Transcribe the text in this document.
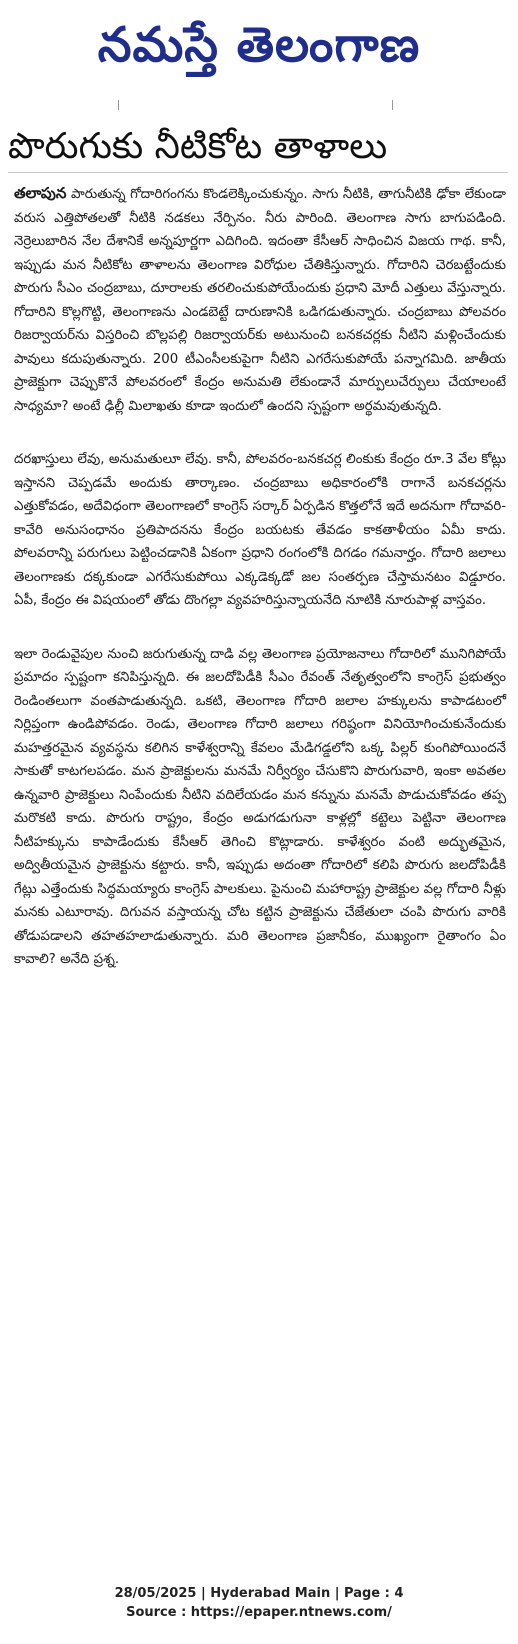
నమస్తే తెలంగాణ
పొరుగుకు నీటికోట తాళాలు

తలాపున పారుతున్న గోదారిగంగను కొండలెక్కించుకున్నం. సాగు నీటికి, తాగునీటికి ఢోకా లేకుండా వరుస ఎత్తిపోతలతో నీటికి నడకలు నేర్పినం. నీరు పారింది. తెలంగాణ సాగు బాగుపడింది. నెర్రెలుబారిన నేల దేశానికే అన్నపూర్ణగా ఎదిగింది. ఇదంతా కేసీఆర్ సాధించిన విజయ గాథ. కానీ, ఇప్పుడు మన నీటికోట తాళాలను తెలంగాణ విరోధుల చేతికిస్తున్నారు. గోదారిని చెరబట్టేందుకు పొరుగు సీఎం చంద్రబాబు, దూరాలకు తరలించుకుపోయేందుకు ప్రధాని మోదీ ఎత్తులు వేస్తున్నారు. గోదారిని కొల్లగొట్టి, తెలంగాణను ఎండబెట్టే దారుణానికి ఒడిగడుతున్నారు. చంద్రబాబు పోలవరం రిజర్వాయర్‌ను విస్తరించి బొల్లపల్లి రిజర్వాయర్‌కు అటునుంచి బనకచర్లకు నీటిని మళ్లించేందుకు పావులు కదుపుతున్నారు. 200 టీఎంసీలకుపైగా నీటిని ఎగరేసుకుపోయే పన్నాగమిది. జాతీయ ప్రాజెక్టుగా చెప్పుకొనే పోలవరంలో కేంద్రం అనుమతి లేకుండానే మార్పులుచేర్పులు చేయాలంటే సాధ్యమా? అంటే ఢిల్లీ మిలాఖతు కూడా ఇందులో ఉందని స్పష్టంగా అర్థమవుతున్నది.

దరఖాస్తులు లేవు, అనుమతులూ లేవు. కానీ, పోలవరం-బనకచర్ల లింకుకు కేంద్రం రూ.3 వేల కోట్లు ఇస్తానని చెప్పడమే అందుకు తార్కాణం. చంద్రబాబు అధికారంలోకి రాగానే బనకచర్లను ఎత్తుకోవడం, అదేవిధంగా తెలంగాణలో కాంగ్రెస్ సర్కార్ ఏర్పడిన కొత్తలోనే ఇదే అదనుగా గోదావరి-కావేరి అనుసంధానం ప్రతిపాదనను కేంద్రం బయటకు తేవడం కాకతాళీయం ఏమీ కాదు. పోలవరాన్ని పరుగులు పెట్టించడానికి ఏకంగా ప్రధాని రంగంలోకి దిగడం గమనార్హం. గోదారి జలాలు తెలంగాణకు దక్కకుండా ఎగరేసుకుపోయి ఎక్కడెక్కడో జల సంతర్పణ చేస్తామనటం విడ్డూరం. ఏపీ, కేంద్రం ఈ విషయంలో తోడు దొంగల్లా వ్యవహరిస్తున్నాయనేది నూటికి నూరుపాళ్ల వాస్తవం.

ఇలా రెండువైపుల నుంచి జరుగుతున్న దాడి వల్ల తెలంగాణ ప్రయోజనాలు గోదారిలో మునిగిపోయే ప్రమాదం స్పష్టంగా కనిపిస్తున్నది. ఈ జలదోపిడీకి సీఎం రేవంత్ నేతృత్వంలోని కాంగ్రెస్ ప్రభుత్వం రెండింతలుగా వంతపాడుతున్నది. ఒకటి, తెలంగాణ గోదారి జలాల హక్కులను కాపాడటంలో నిర్లిప్తంగా ఉండిపోవడం. రెండు, తెలంగాణ గోదారి జలాలు గరిష్ఠంగా వినియోగించుకునేందుకు మహత్తరమైన వ్యవస్థను కలిగిన కాళేశ్వరాన్ని కేవలం మేడిగడ్డలోని ఒక్క పిల్లర్ కుంగిపోయిందనే సాకుతో కాటగలపడం. మన ప్రాజెక్టులను మనమే నిర్వీర్యం చేసుకొని పొరుగువారి, ఇంకా అవతల ఉన్నవారి ప్రాజెక్టులు నింపేందుకు నీటిని వదిలేయడం మన కన్నును మనమే పొడుచుకోవడం తప్ప మరొకటి కాదు. పొరుగు రాష్ట్రం, కేంద్రం అడుగడుగునా కాళ్లల్లో కట్టెలు పెట్టినా తెలంగాణ నీటిహక్కును కాపాడేందుకు కేసీఆర్ తెగించి కొట్లాడారు. కాళేశ్వరం వంటి అద్భుతమైన, అద్వితీయమైన ప్రాజెక్టును కట్టారు. కానీ, ఇప్పుడు అదంతా గోదారిలో కలిపి పొరుగు జలదోపిడీకి గేట్లు ఎత్తేందుకు సిద్ధమయ్యారు కాంగ్రెస్ పాలకులు. పైనుంచి మహారాష్ట్ర ప్రాజెక్టుల వల్ల గోదారి నీళ్లు మనకు ఎటూరావు. దిగువన వస్తాయన్న చోట కట్టిన ప్రాజెక్టును చేజేతులా చంపి పొరుగు వారికి తోడుపడాలని తహతహలాడుతున్నారు. మరి తెలంగాణ ప్రజానీకం, ముఖ్యంగా రైతాంగం ఏం కావాలి? అనేది ప్రశ్న.

28/05/2025 | Hyderabad Main | Page : 4
Source : https://epaper.ntnews.com/
